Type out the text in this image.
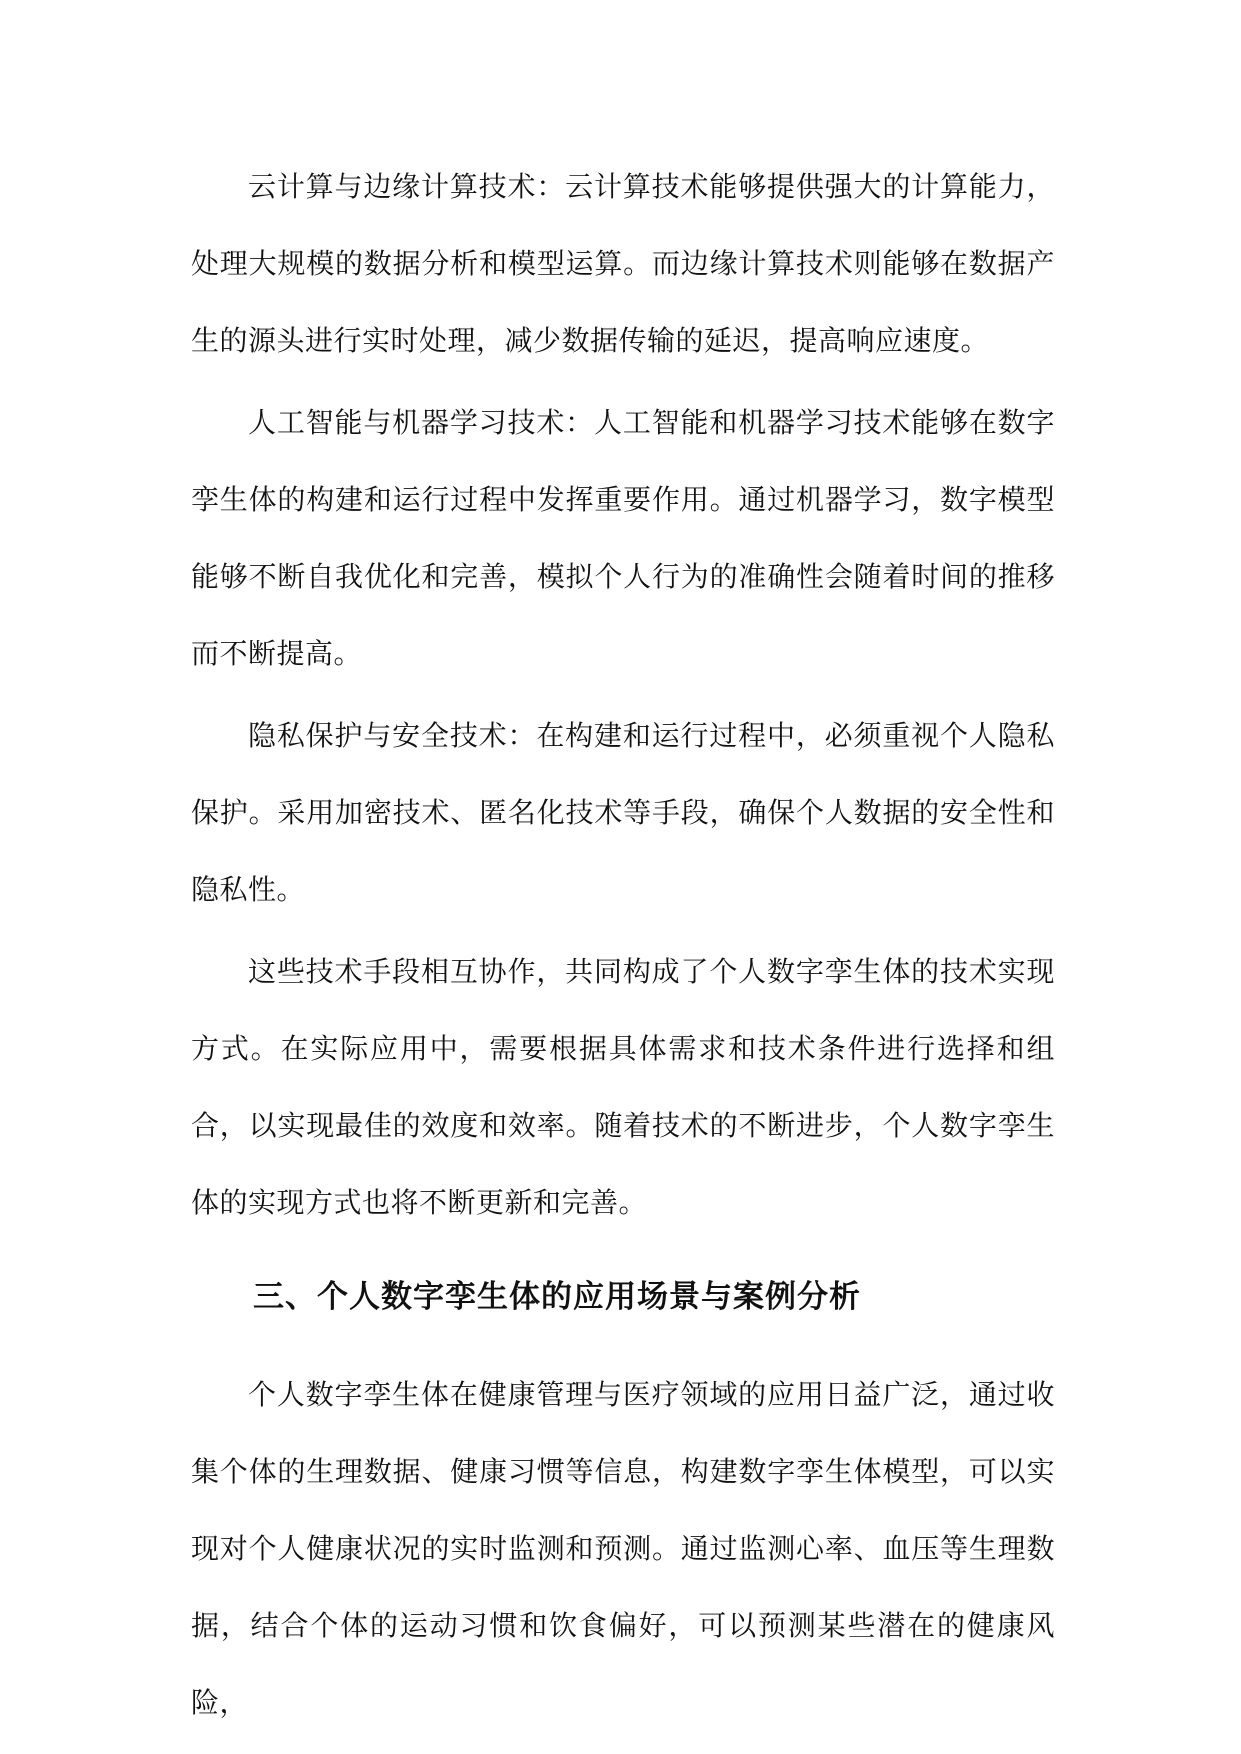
云计算与边缘计算技术：云计算技术能够提供强大的计算能力，处理大规模的数据分析和模型运算。而边缘计算技术则能够在数据产生的源头进行实时处理，减少数据传输的延迟，提高响应速度。

人工智能与机器学习技术：人工智能和机器学习技术能够在数字孪生体的构建和运行过程中发挥重要作用。通过机器学习，数字模型能够不断自我优化和完善，模拟个人行为的准确性会随着时间的推移而不断提高。

隐私保护与安全技术：在构建和运行过程中，必须重视个人隐私保护。采用加密技术、匿名化技术等手段，确保个人数据的安全性和隐私性。

这些技术手段相互协作，共同构成了个人数字孪生体的技术实现方式。在实际应用中，需要根据具体需求和技术条件进行选择和组合，以实现最佳的效度和效率。随着技术的不断进步，个人数字孪生体的实现方式也将不断更新和完善。

三、个人数字孪生体的应用场景与案例分析

个人数字孪生体在健康管理与医疗领域的应用日益广泛，通过收集个体的生理数据、健康习惯等信息，构建数字孪生体模型，可以实现对个人健康状况的实时监测和预测。通过监测心率、血压等生理数据，结合个体的运动习惯和饮食偏好，可以预测某些潜在的健康风险，
